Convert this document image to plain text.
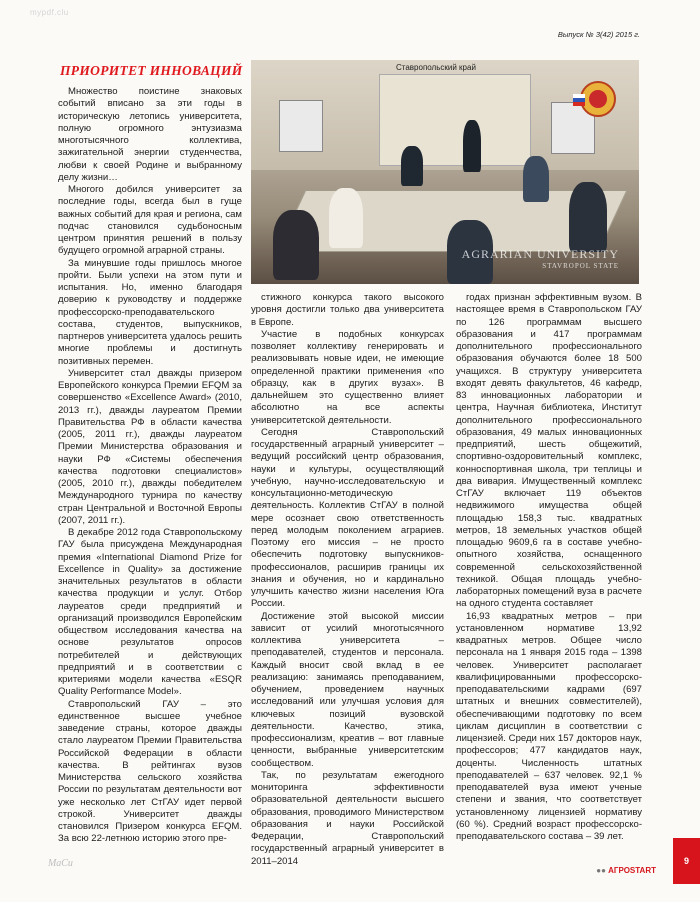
mypdf.clu
Выпуск № 3(42) 2015 г.
ПРИОРИТЕТ ИННОВАЦИЙ	Ставропольский край
AGRARIAN UNIVERSITY
STAVROPOL STATE

Множество поистине знаковых событий вписано за эти годы в историческую летопись университета, полную огромного энтузиазма многотысячного коллектива, зажигательной энергии студенчества, любви к своей Родине и выбранному делу жизни…

Многого добился университет за последние годы, всегда был в гуще важных событий для края и региона, сам подчас становился судьбоносным центром принятия решений в пользу будущего огромной аграрной страны.

За минувшие годы пришлось многое пройти. Были успехи на этом пути и испытания. Но, именно благодаря доверию к руководству и поддержке профессорско-преподавательского состава, студентов, выпускников, партнеров университета удалось решить многие проблемы и достигнуть позитивных перемен.

Университет стал дважды призером Европейского конкурса Премии EFQM за совершенство «Excellence Award» (2010, 2013 гг.), дважды лауреатом Премии Правительства РФ в области качества (2005, 2011 гг.), дважды лауреатом Премии Министерства образования и науки РФ «Системы обеспечения качества подготовки специалистов» (2005, 2010 гг.), дважды победителем Международного турнира по качеству стран Центральной и Восточной Европы (2007, 2011 гг.).

В декабре 2012 года Ставропольскому ГАУ была присуждена Международная премия «International Diamond Prize for Excellence in Quality» за достижение значительных результатов в области качества продукции и услуг. Отбор лауреатов среди предприятий и организаций производился Европейским обществом исследования качества на основе результатов опросов потребителей и действующих предприятий и в соответствии с критериями модели качества «ESQR Quality Performance Model».

Ставропольский ГАУ – это единственное высшее учебное заведение страны, которое дважды стало лауреатом Премии Правительства Российской Федерации в области качества. В рейтингах вузов Министерства сельского хозяйства России по результатам деятельности вот уже несколько лет СтГАУ идет первой строкой. Университет дважды становился Призером конкурса EFQM. За всю 22-летнюю историю этого пре-

стижного конкурса такого высокого уровня достигли только два университета в Европе.

Участие в подобных конкурсах позволяет коллективу генерировать и реализовывать новые идеи, не имеющие определенной практики применения «по образцу, как в других вузах». В дальнейшем это существенно влияет абсолютно на все аспекты университетской деятельности.

Сегодня Ставропольский государственный аграрный университет – ведущий российский центр образования, науки и культуры, осуществляющий учебную, научно-исследовательскую и консультационно-методическую деятельность. Коллектив СтГАУ в полной мере осознает свою ответственность перед молодым поколением аграриев. Поэтому его миссия – не просто обеспечить подготовку выпускников-профессионалов, расширив границы их знания и обучения, но и кардинально улучшить качество жизни населения Юга России.

Достижение этой высокой миссии зависит от усилий многотысячного коллектива университета – преподавателей, студентов и персонала. Каждый вносит свой вклад в ее реализацию: занимаясь преподаванием, обучением, проведением научных исследований или улучшая условия для ключевых позиций вузовской деятельности. Качество, этика, профессионализм, креатив – вот главные ценности, выбранные университетским сообществом.

Так, по результатам ежегодного мониторинга эффективности образовательной деятельности высшего образования, проводимого Министерством образования и науки Российской Федерации, Ставропольский государственный аграрный университет в 2011–2014

годах признан эффективным вузом. В настоящее время в Ставропольском ГАУ по 126 программам высшего образования и 417 программам дополнительного профессионального образования обучаются более 18 500 учащихся. В структуру университета входят девять факультетов, 46 кафедр, 83 инновационных лаборатории и центра, Научная библиотека, Институт дополнительного профессионального образования, 49 малых инновационных предприятий, шесть общежитий, спортивно-оздоровительный комплекс, конноспортивная школа, три теплицы и два вивария. Имущественный комплекс СтГАУ включает 119 объектов недвижимого имущества общей площадью 158,3 тыс. квадратных метров, 18 земельных участков общей площадью 9609,6 га в составе учебно-опытного хозяйства, оснащенного современной сельскохозяйственной техникой. Общая площадь учебно-лабораторных помещений вуза в расчете на одного студента составляет

16,93 квадратных метров – при установленном нормативе 13,92 квадратных метров. Общее число персонала на 1 января 2015 года – 1398 человек. Университет располагает квалифицированными профессорско-преподавательскими кадрами (697 штатных и внешних совместителей), обеспечивающими подготовку по всем циклам дисциплин в соответствии с лицензией. Среди них 157 докторов наук, профессоров; 477 кандидатов наук, доценты. Численность штатных преподавателей – 637 человек. 92,1 % преподавателей вуза имеют ученые степени и звания, что соответствует установленному лицензией нормативу (60 %). Средний возраст профессорско-преподавательского состава – 39 лет.

МаСи
●● АГРОSTART
9
